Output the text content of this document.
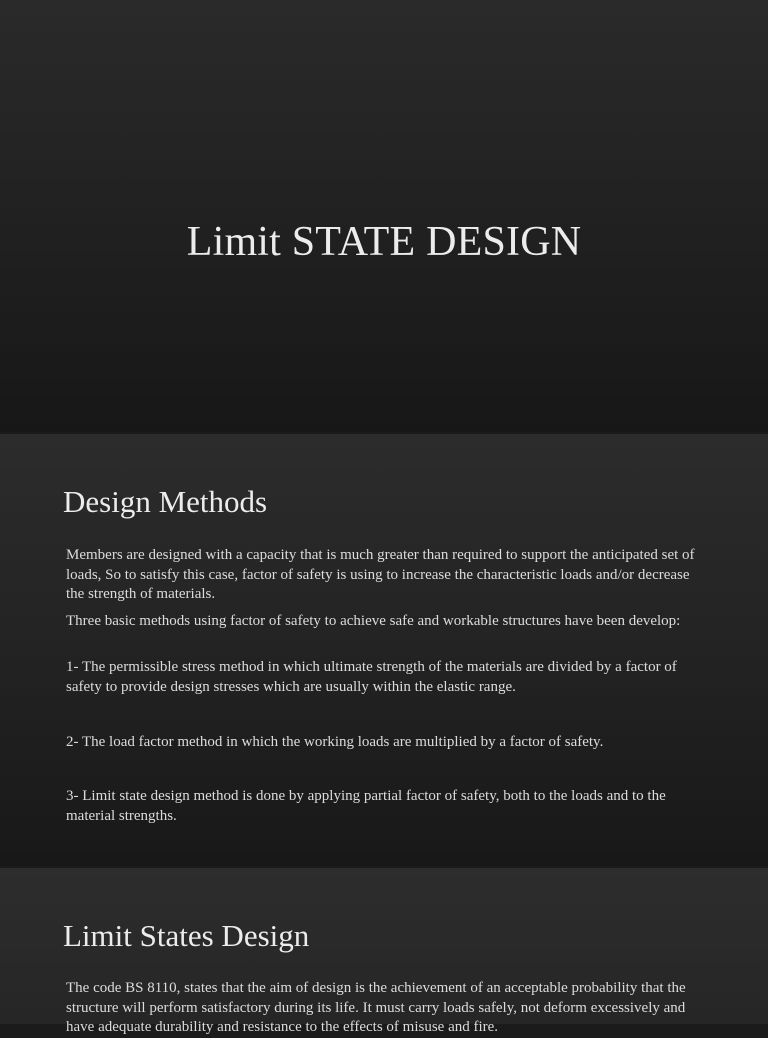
Limit STATE DESIGN
Design Methods

Members are designed with a capacity that is much greater than required to support the anticipated set of loads, So to satisfy this case, factor of safety is using to increase the characteristic loads and/or decrease the strength of materials.

Three basic methods using factor of safety to achieve safe and workable structures have been develop:

1- The permissible stress method in which ultimate strength of the materials are divided by a factor of safety to provide design stresses which are usually within the elastic range.

2- The load factor method in which the working loads are multiplied by a factor of safety.

3- Limit state design method is done by applying partial factor of safety, both to the loads and to the material strengths.

Limit States Design

The code BS 8110, states that the aim of design is the achievement of an acceptable probability that the structure will perform satisfactory during its life. It must carry loads safely, not deform excessively and have adequate durability and resistance to the effects of misuse and fire.
